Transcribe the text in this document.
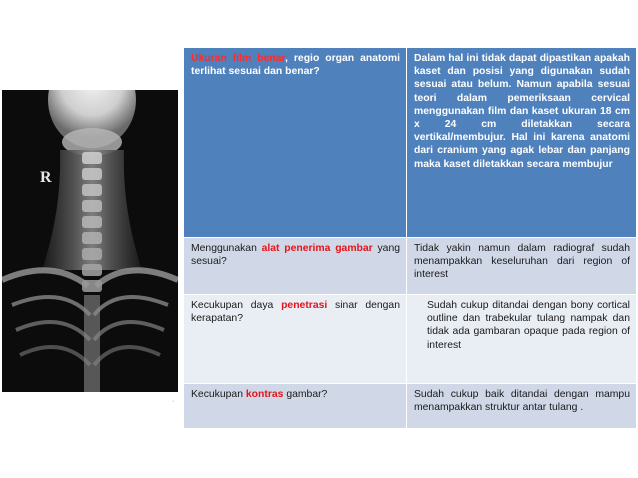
R
·
Ukuran film benar, regio organ anatomi terlihat sesuai dan benar?
Dalam hal ini tidak dapat dipastikan apakah kaset dan posisi yang digunakan sudah sesuai atau belum. Namun apabila sesuai teori dalam pemeriksaan cervical menggunakan film dan kaset ukuran 18 cm x 24 cm diletakkan secara vertikal/membujur. Hal ini karena anatomi dari cranium yang agak lebar dan panjang maka kaset diletakkan secara membujur
Menggunakan alat penerima gambar yang sesuai?
Tidak yakin namun dalam radiograf sudah menampakkan keseluruhan dari region of interest
Kecukupan daya penetrasi sinar dengan kerapatan?
Sudah cukup ditandai dengan bony cortical outline dan trabekular tulang nampak dan tidak ada gambaran opaque pada region of interest
Kecukupan kontras gambar?	Sudah cukup baik ditandai dengan mampu menampakkan struktur antar tulang .
